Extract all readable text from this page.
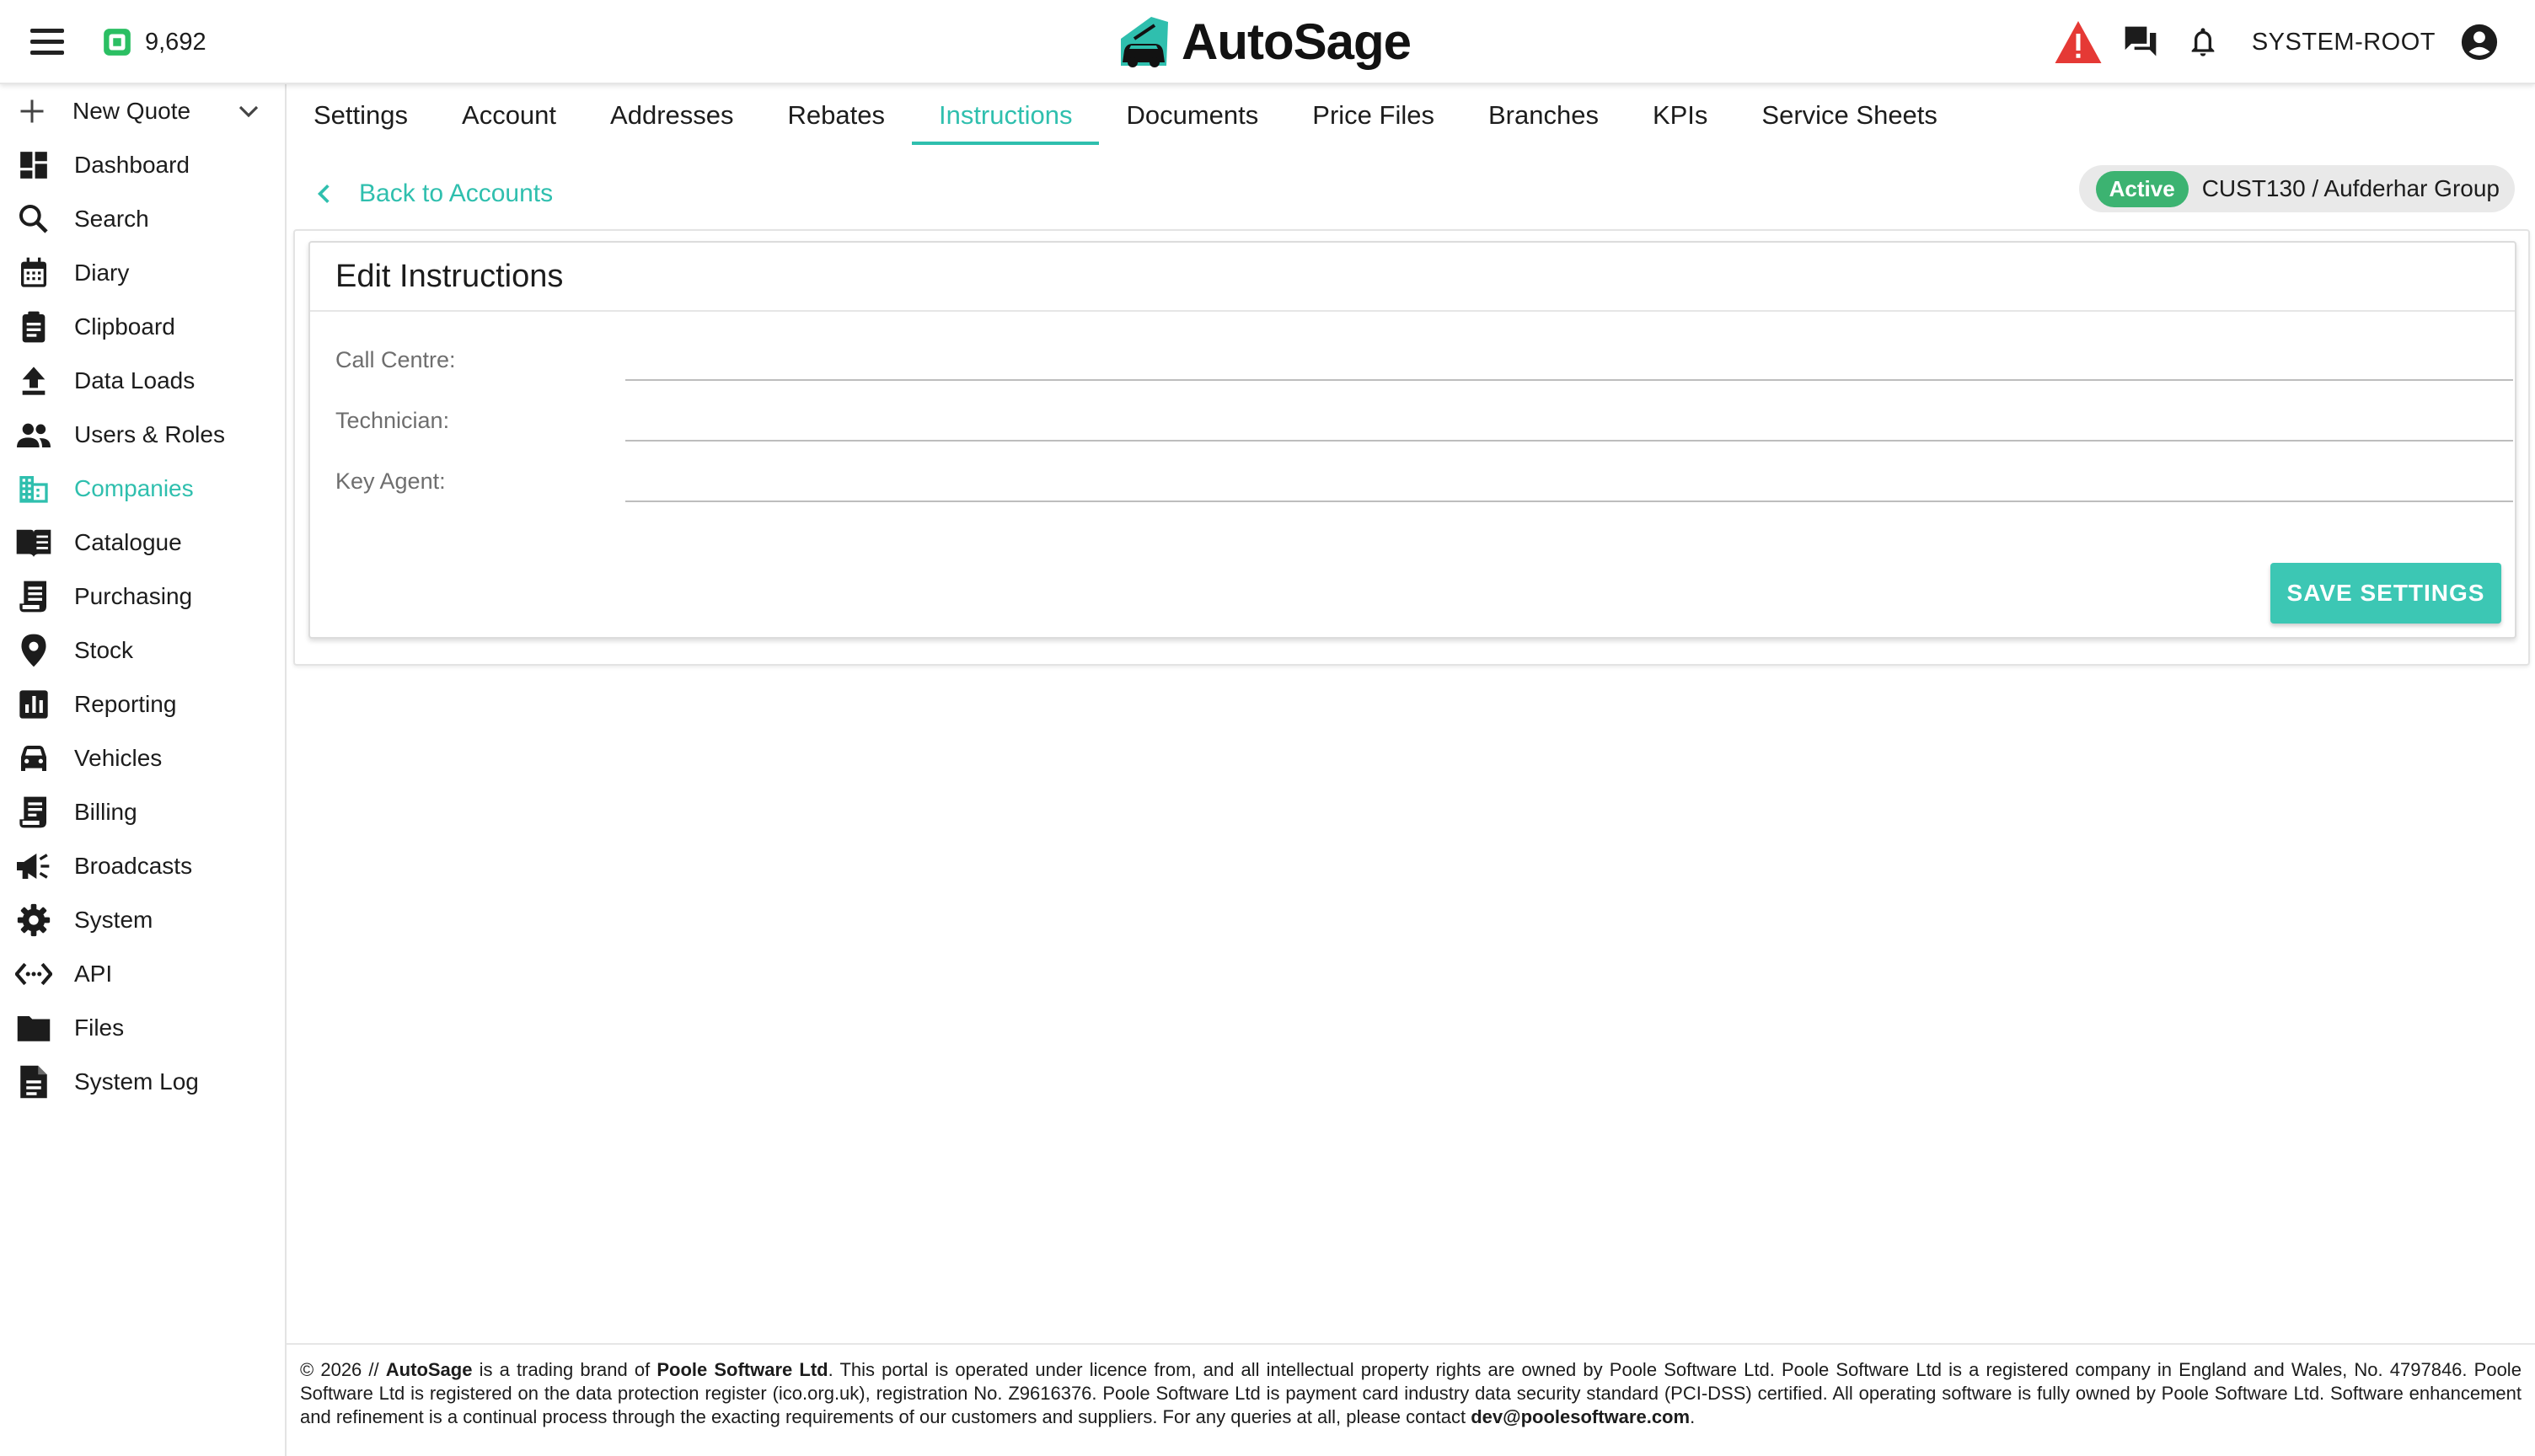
9,692	AutoSage	SYSTEM-ROOT
New Quote
Dashboard
Search
Diary
Clipboard
Data Loads
Users & Roles
Companies
Catalogue
Purchasing
Stock
Reporting
Vehicles
Billing
Broadcasts
System
API
Files
System Log
Settings	Account	Addresses	Rebates	Instructions	Documents	Price Files	Branches	KPIs	Service Sheets
Back to Accounts	Active	CUST130 / Aufderhar Group
Edit Instructions
Call Centre:
Technician:
Key Agent:
SAVE SETTINGS
© 2026 // AutoSage is a trading brand of Poole Software Ltd. This portal is operated under licence from, and all intellectual property rights are owned by Poole Software Ltd. Poole Software Ltd is a registered company in England and Wales, No. 4797846. Poole Software Ltd is registered on the data protection register (ico.org.uk), registration No. Z9616376. Poole Software Ltd is payment card industry data security standard (PCI-DSS) certified. All operating software is fully owned by Poole Software Ltd. Software enhancement and refinement is a continual process through the exacting requirements of our customers and suppliers. For any queries at all, please contact dev@poolesoftware.com.
